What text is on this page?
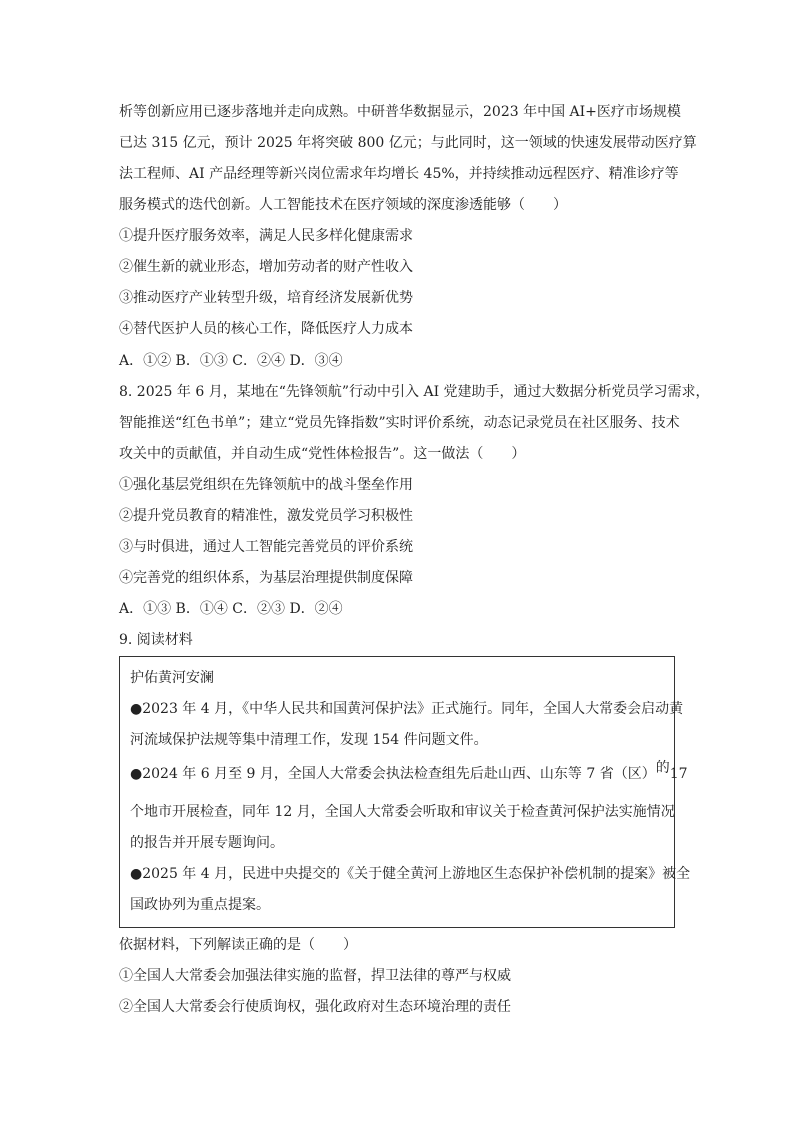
析等创新应用已逐步落地并走向成熟。中研普华数据显示，2023 年中国 AI+医疗市场规模
已达 315 亿元，预计 2025 年将突破 800 亿元；与此同时，这一领域的快速发展带动医疗算
法工程师、AI 产品经理等新兴岗位需求年均增长 45%，并持续推动远程医疗、精准诊疗等
服务模式的迭代创新。人工智能技术在医疗领域的深度渗透能够（　　）
①提升医疗服务效率，满足人民多样化健康需求
②催生新的就业形态，增加劳动者的财产性收入
③推动医疗产业转型升级，培育经济发展新优势
④替代医护人员的核心工作，降低医疗人力成本
A．①② B．①③ C．②④ D．③④
8. 2025 年 6 月，某地在“先锋领航”行动中引入 AI 党建助手，通过大数据分析党员学习需求，
智能推送“红色书单”；建立“党员先锋指数”实时评价系统，动态记录党员在社区服务、技术
攻关中的贡献值，并自动生成“党性体检报告”。这一做法（　　）
①强化基层党组织在先锋领航中的战斗堡垒作用
②提升党员教育的精准性，激发党员学习积极性
③与时俱进，通过人工智能完善党员的评价系统
④完善党的组织体系，为基层治理提供制度保障
A．①③ B．①④ C．②③ D．②④
9. 阅读材料
护佑黄河安澜
●2023 年 4 月，《中华人民共和国黄河保护法》正式施行。同年，全国人大常委会启动黄
河流域保护法规等集中清理工作，发现 154 件问题文件。
●2024 年 6 月至 9 月，全国人大常委会执法检查组先后赴山西、山东等 7 省（区）的17
个地市开展检查，同年 12 月，全国人大常委会听取和审议关于检查黄河保护法实施情况
的报告并开展专题询问。
●2025 年 4 月，民进中央提交的《关于健全黄河上游地区生态保护补偿机制的提案》被全
国政协列为重点提案。
依据材料，下列解读正确的是（　　）
①全国人大常委会加强法律实施的监督，捍卫法律的尊严与权威
②全国人大常委会行使质询权，强化政府对生态环境治理的责任
